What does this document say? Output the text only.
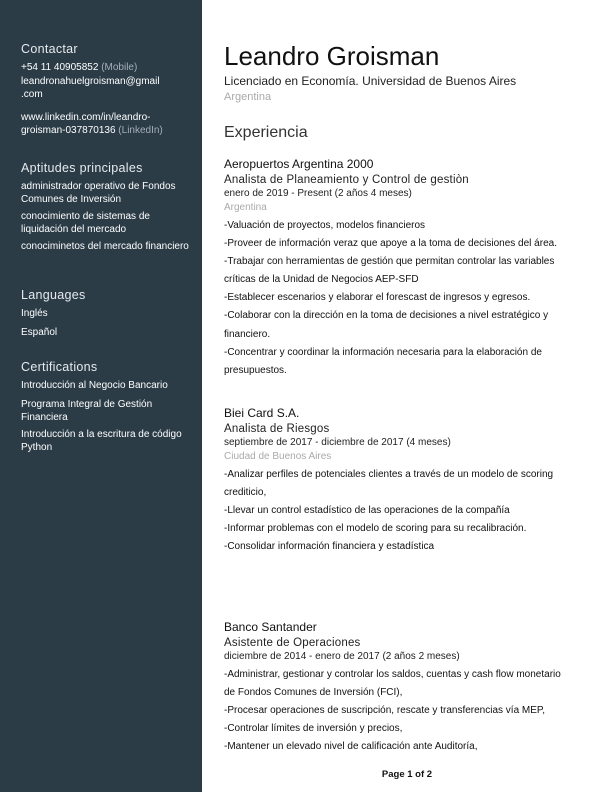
Contactar
+54 11 40905852 (Mobile)
leandronahuelgroisman@gmail
.com
www.linkedin.com/in/leandro-
groisman-037870136 (LinkedIn)
Aptitudes principales
administrador operativo de Fondos Comunes de Inversión
conocimiento de sistemas de liquidación del mercado
conociminetos del mercado financiero
Languages
Inglés
Español
Certifications
Introducción al Negocio Bancario
Programa Integral de Gestión Financiera
Introducción a la escritura de código Python
Leandro Groisman
Licenciado en Economía. Universidad de Buenos Aires
Argentina
Experiencia
Aeropuertos Argentina 2000
Analista de Planeamiento y Control de gestiòn
enero de 2019 - Present (2 años 4 meses)
Argentina
-Valuación de proyectos, modelos financieros
-Proveer de información veraz que apoye a la toma de decisiones del área.
-Trabajar con herramientas de gestión que permitan controlar las variables
críticas de la Unidad de Negocios AEP-SFD
-Establecer escenarios y elaborar el forescast de ingresos y egresos.
-Colaborar con la dirección en la toma de decisiones a nivel estratégico y
financiero.
-Concentrar y coordinar la información necesaria para la elaboración de
presupuestos.
Biei Card S.A.
Analista de Riesgos
septiembre de 2017 - diciembre de 2017 (4 meses)
Ciudad de Buenos Aires
-Analizar perfiles de potenciales clientes a través de un modelo de scoring
crediticio,
-Llevar un control estadístico de las operaciones de la compañía
-Informar problemas con el modelo de scoring para su recalibración.
-Consolidar información financiera y estadística
Banco Santander
Asistente de Operaciones
diciembre de 2014 - enero de 2017 (2 años 2 meses)
-Administrar, gestionar y controlar los saldos, cuentas y cash flow monetario
de Fondos Comunes de Inversión (FCI),
-Procesar operaciones de suscripción, rescate y transferencias vía MEP,
-Controlar límites de inversión y precios,
-Mantener un elevado nivel de calificación ante Auditoría,
Page 1 of 2
